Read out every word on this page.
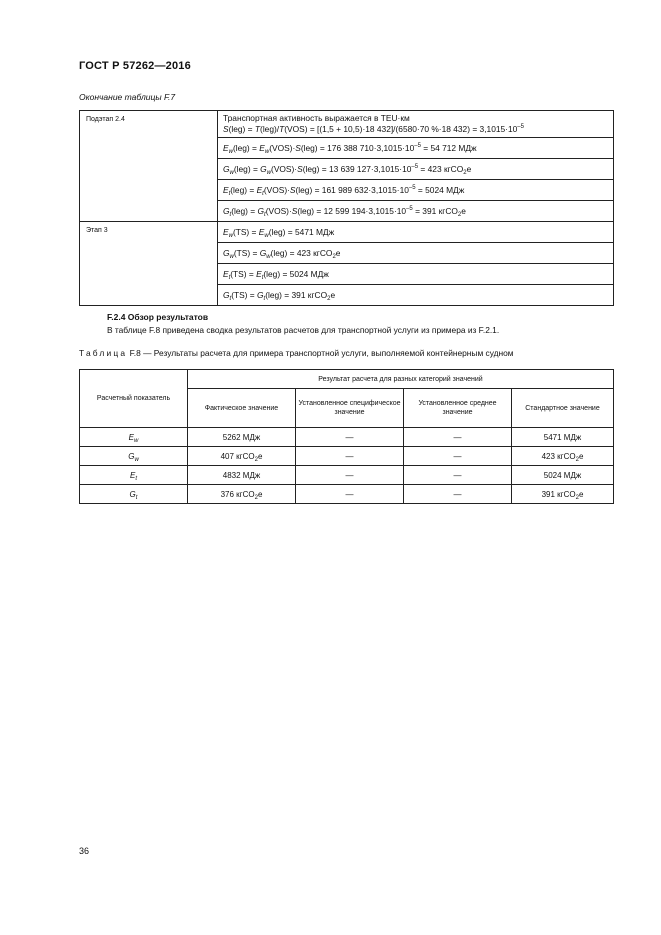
ГОСТ Р 57262—2016
Окончание таблицы F.7
Подэтап 2.4	Транспортная активность выражается в TEU·км
S(leg) = T(leg)/T(VOS) = [(1,5 + 10,5)·18 432]/(6580·70 %·18 $432) = 3,1015\cdot 10^{-5}$
	$E_w(leg) = E_w(VOS)\cdot S(leg) = 176$ 388 $710\cdot 3,1015\cdot 10^{-5} = 54$ 712 МДж
	$G_w(leg) = G_w(VOS)\cdot S(leg) = 13$ 639 $127\cdot 3,1015\cdot 10^{-5} = 423$ кгCO$_2$e
	$E_t(leg) = E_t(VOS)\cdot S(leg) = 161$ 989 $632\cdot 3,1015\cdot 10^{-5} = 5024$ МДж
	$G_t(leg) = G_t(VOS)\cdot S(leg) = 12$ 599 $194\cdot 3,1015\cdot 10^{-5} = 391$ кгCO$_2$e
Этап 3	$E_w(TS) = E_w(leg) = 5471$ МДж
	$G_w(TS) = G_w(leg) = 423$ кгCO$_2$e
	$E_t(TS) = E_t(leg) = 5024$ МДж
	$G_t(TS) = G_t(leg) = 391$ кгCO$_2$e
F.2.4 Обзор результатов
В таблице F.8 приведена сводка результатов расчетов для транспортной услуги из примера из F.2.1.
Таблица F.8 — Результаты расчета для примера транспортной услуги, выполняемой контейнерным судном
Расчетный показатель	Результат расчета для разных категорий значений			
	Фактическое значение	Установленное специфическое значение	Установленное среднее значение	Стандартное значение
$E_w$	5262 МДж	—	—	5471 МДж
$G_w$	407 кгCO$_2$e	—	—	423 кгCO$_2$e
$E_t$	4832 МДж	—	—	5024 МДж
$G_t$	376 кгCO$_2$e	—	—	391 кгCO$_2$e
36
